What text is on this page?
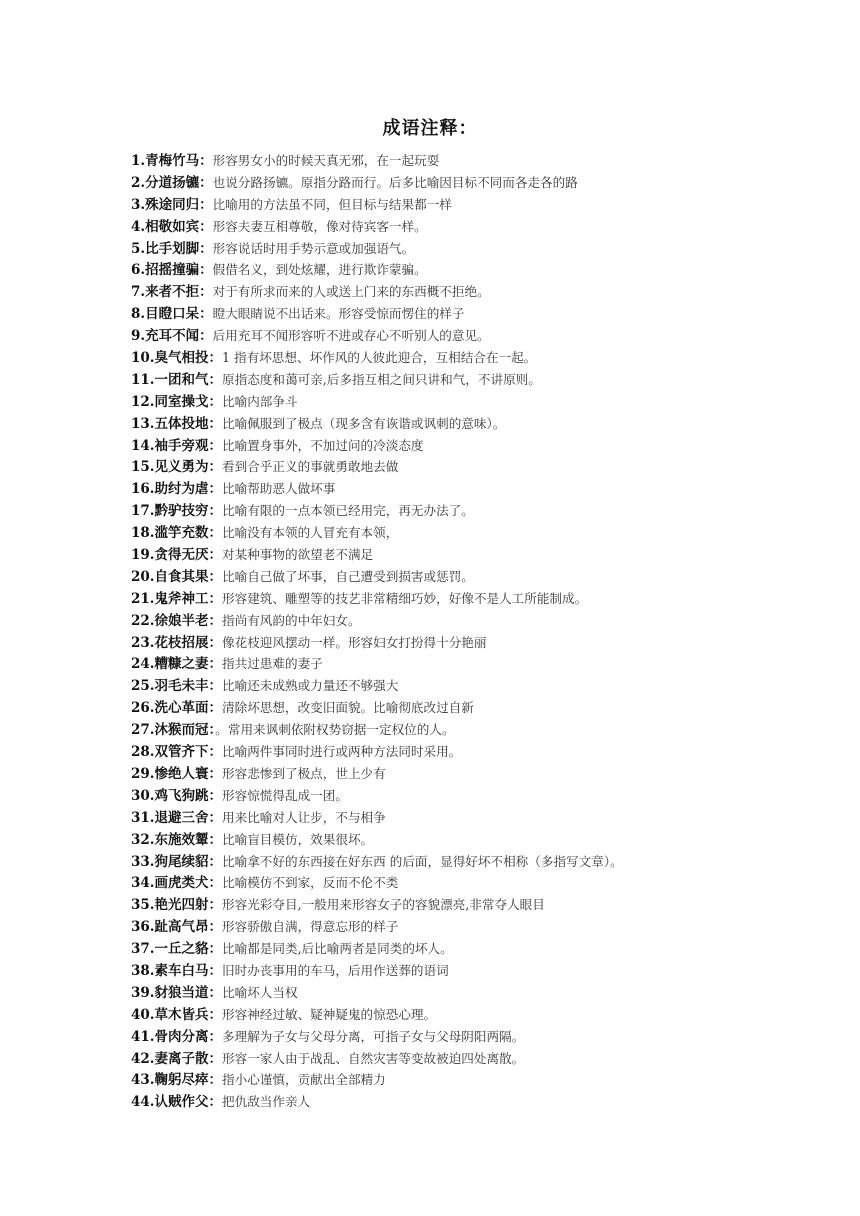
成语注释：
1.青梅竹马：形容男女小的时候天真无邪，在一起玩耍
2.分道扬镳：也说分路扬镳。原指分路而行。后多比喻因目标不同而各走各的路
3.殊途同归：比喻用的方法虽不同，但目标与结果都一样
4.相敬如宾：形容夫妻互相尊敬，像对待宾客一样。
5.比手划脚：形容说话时用手势示意或加强语气。
6.招摇撞骗：假借名义，到处炫耀，进行欺诈蒙骗。
7.来者不拒：对于有所求而来的人或送上门来的东西概不拒绝。
8.目瞪口呆：瞪大眼睛说不出话来。形容受惊而愣住的样子
9.充耳不闻：后用充耳不闻形容听不进或存心不听别人的意见。
10.臭气相投：1 指有坏思想、坏作风的人彼此迎合，互相结合在一起。
11.一团和气：原指态度和蔼可亲,后多指互相之间只讲和气，不讲原则。
12.同室操戈：比喻内部争斗
13.五体投地：比喻佩服到了极点（现多含有诙谐或讽刺的意味）。
14.袖手旁观：比喻置身事外，不加过问的冷淡态度
15.见义勇为：看到合乎正义的事就勇敢地去做
16.助纣为虐：比喻帮助恶人做坏事
17.黔驴技穷：比喻有限的一点本领已经用完，再无办法了。
18.滥竽充数：比喻没有本领的人冒充有本领，
19.贪得无厌：对某种事物的欲望老不满足
20.自食其果：比喻自己做了坏事，自己遭受到损害或惩罚。
21.鬼斧神工：形容建筑、雕塑等的技艺非常精细巧妙，好像不是人工所能制成。
22.徐娘半老：指尚有风韵的中年妇女。
23.花枝招展：像花枝迎风摆动一样。形容妇女打扮得十分艳丽
24.糟糠之妻：指共过患难的妻子
25.羽毛未丰：比喻还未成熟或力量还不够强大
26.洗心革面：清除坏思想，改变旧面貌。比喻彻底改过自新
27.沐猴而冠：。常用来讽刺依附权势窃据一定权位的人。
28.双管齐下：比喻两件事同时进行或两种方法同时采用。
29.惨绝人寰：形容悲惨到了极点，世上少有
30.鸡飞狗跳：形容惊慌得乱成一团。
31.退避三舍：用来比喻对人让步，不与相争
32.东施效颦：比喻盲目模仿，效果很坏。
33.狗尾续貂：比喻拿不好的东西接在好东西 的后面，显得好坏不相称（多指写文章）。
34.画虎类犬：比喻模仿不到家，反而不伦不类
35.艳光四射：形容光彩夺目,一般用来形容女子的容貌漂亮,非常夺人眼目
36.趾高气昂：形容骄傲自满，得意忘形的样子
37.一丘之貉：比喻都是同类,后比喻两者是同类的坏人。
38.素车白马：旧时办丧事用的车马，后用作送葬的语词
39.豺狼当道：比喻坏人当权
40.草木皆兵：形容神经过敏、疑神疑鬼的惊恐心理。
41.骨肉分离：多理解为子女与父母分离，可指子女与父母阴阳两隔。
42.妻离子散：形容一家人由于战乱、自然灾害等变故被迫四处离散。
43.鞠躬尽瘁：指小心谨慎，贡献出全部精力
44.认贼作父：把仇敌当作亲人
